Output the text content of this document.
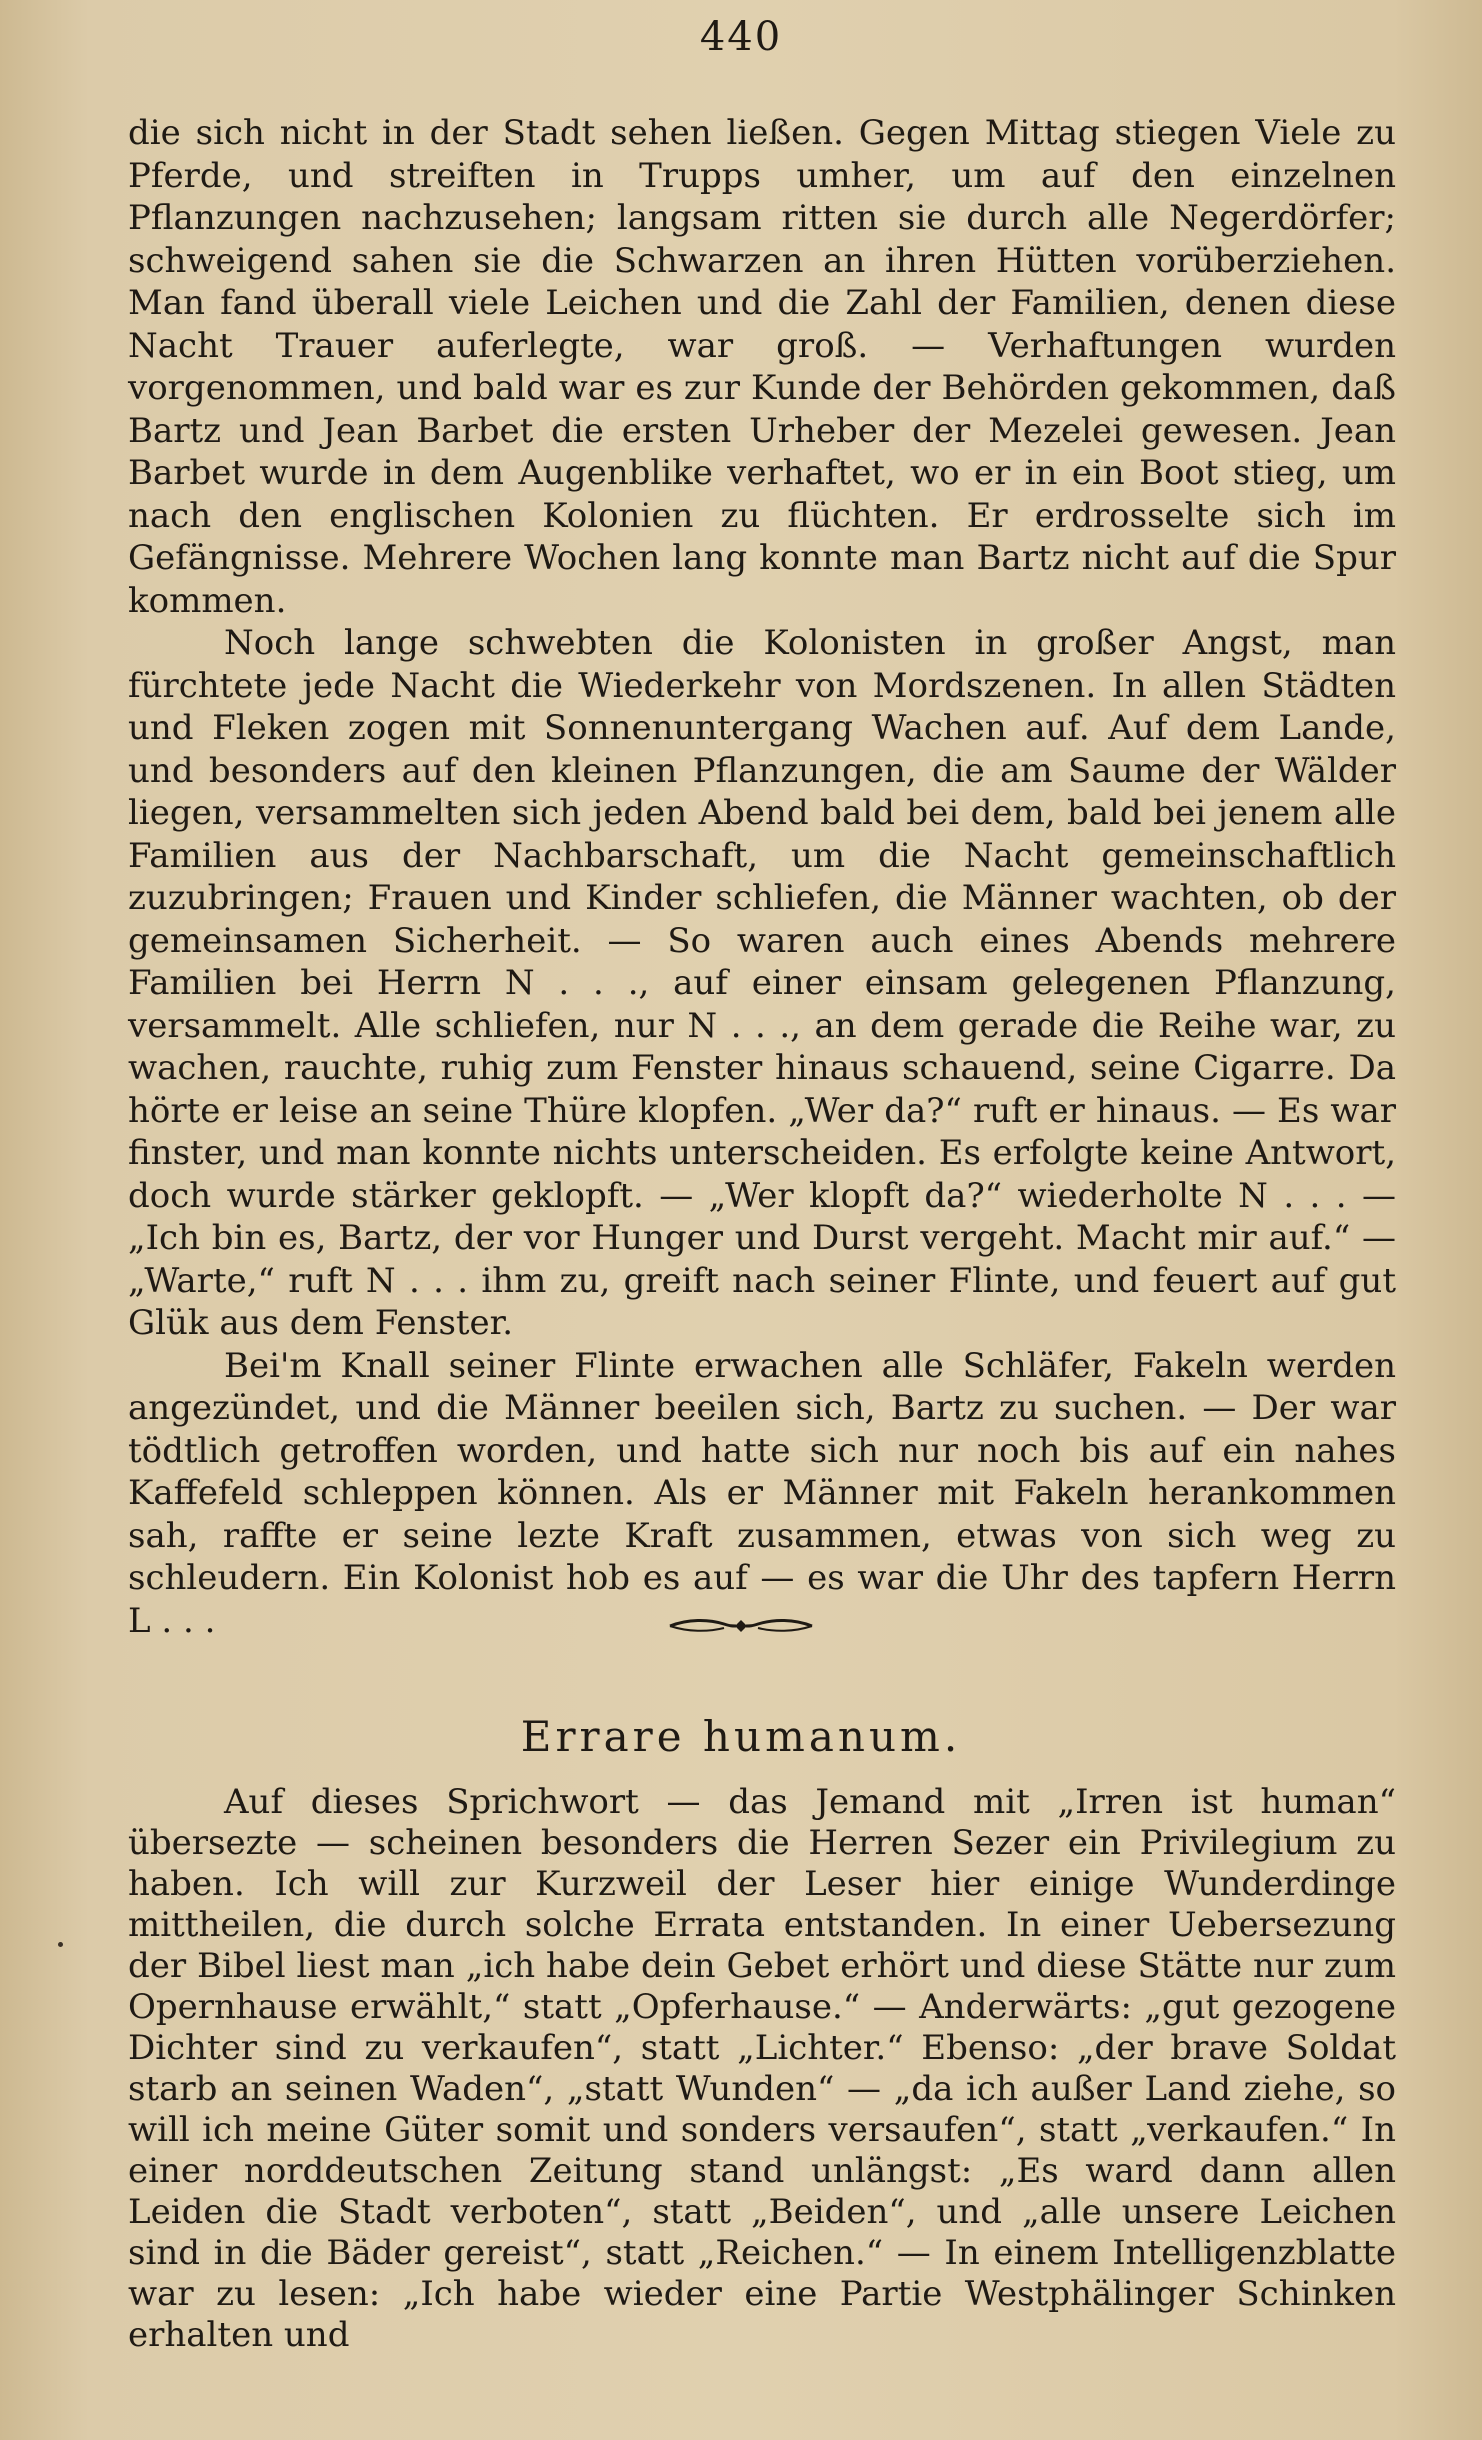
440

die sich nicht in der Stadt sehen ließen. Gegen Mittag stiegen Viele zu Pferde, und streiften in Trupps umher, um auf den einzelnen Pflanzungen nachzusehen; langsam ritten sie durch alle Negerdörfer; schweigend sahen sie die Schwarzen an ihren Hütten vorüberziehen. Man fand überall viele Leichen und die Zahl der Familien, denen diese Nacht Trauer auferlegte, war groß. — Verhaftungen wurden vorgenommen, und bald war es zur Kunde der Behörden gekommen, daß Bartz und Jean Barbet die ersten Urheber der Mezelei gewesen. Jean Barbet wurde in dem Augenblike verhaftet, wo er in ein Boot stieg, um nach den englischen Kolonien zu flüchten. Er erdrosselte sich im Gefängnisse. Mehrere Wochen lang konnte man Bartz nicht auf die Spur kommen.

Noch lange schwebten die Kolonisten in großer Angst, man fürchtete jede Nacht die Wiederkehr von Mordszenen. In allen Städten und Fleken zogen mit Sonnenuntergang Wachen auf. Auf dem Lande, und besonders auf den kleinen Pflanzungen, die am Saume der Wälder liegen, versammelten sich jeden Abend bald bei dem, bald bei jenem alle Familien aus der Nachbarschaft, um die Nacht gemeinschaftlich zuzubringen; Frauen und Kinder schliefen, die Männer wachten, ob der gemeinsamen Sicherheit. — So waren auch eines Abends mehrere Familien bei Herrn N . . ., auf einer einsam gelegenen Pflanzung, versammelt. Alle schliefen, nur N . . ., an dem gerade die Reihe war, zu wachen, rauchte, ruhig zum Fenster hinaus schauend, seine Cigarre. Da hörte er leise an seine Thüre klopfen. „Wer da?“ ruft er hinaus. — Es war finster, und man konnte nichts unterscheiden. Es erfolgte keine Antwort, doch wurde stärker geklopft. — „Wer klopft da?“ wiederholte N . . . — „Ich bin es, Bartz, der vor Hunger und Durst vergeht. Macht mir auf.“ — „Warte,“ ruft N . . . ihm zu, greift nach seiner Flinte, und feuert auf gut Glük aus dem Fenster.

Bei'm Knall seiner Flinte erwachen alle Schläfer, Fakeln werden angezündet, und die Männer beeilen sich, Bartz zu suchen. — Der war tödtlich getroffen worden, und hatte sich nur noch bis auf ein nahes Kaffefeld schleppen können. Als er Männer mit Fakeln herankommen sah, raffte er seine lezte Kraft zusammen, etwas von sich weg zu schleudern. Ein Kolonist hob es auf — es war die Uhr des tapfern Herrn L . . .

Errare humanum.

Auf dieses Sprichwort — das Jemand mit „Irren ist human“ übersezte — scheinen besonders die Herren Sezer ein Privilegium zu haben. Ich will zur Kurzweil der Leser hier einige Wunderdinge mittheilen, die durch solche Errata entstanden. In einer Uebersezung der Bibel liest man „ich habe dein Gebet erhört und diese Stätte nur zum Opernhause erwählt,“ statt „Opferhause.“ — Anderwärts: „gut gezogene Dichter sind zu verkaufen“, statt „Lichter.“ Ebenso: „der brave Soldat starb an seinen Waden“, „statt Wunden“ — „da ich außer Land ziehe, so will ich meine Güter somit und sonders versaufen“, statt „verkaufen.“ In einer norddeutschen Zeitung stand unlängst: „Es ward dann allen Leiden die Stadt verboten“, statt „Beiden“, und „alle unsere Leichen sind in die Bäder gereist“, statt „Reichen.“ — In einem Intelligenzblatte war zu lesen: „Ich habe wieder eine Partie Westphälinger Schinken erhalten und
